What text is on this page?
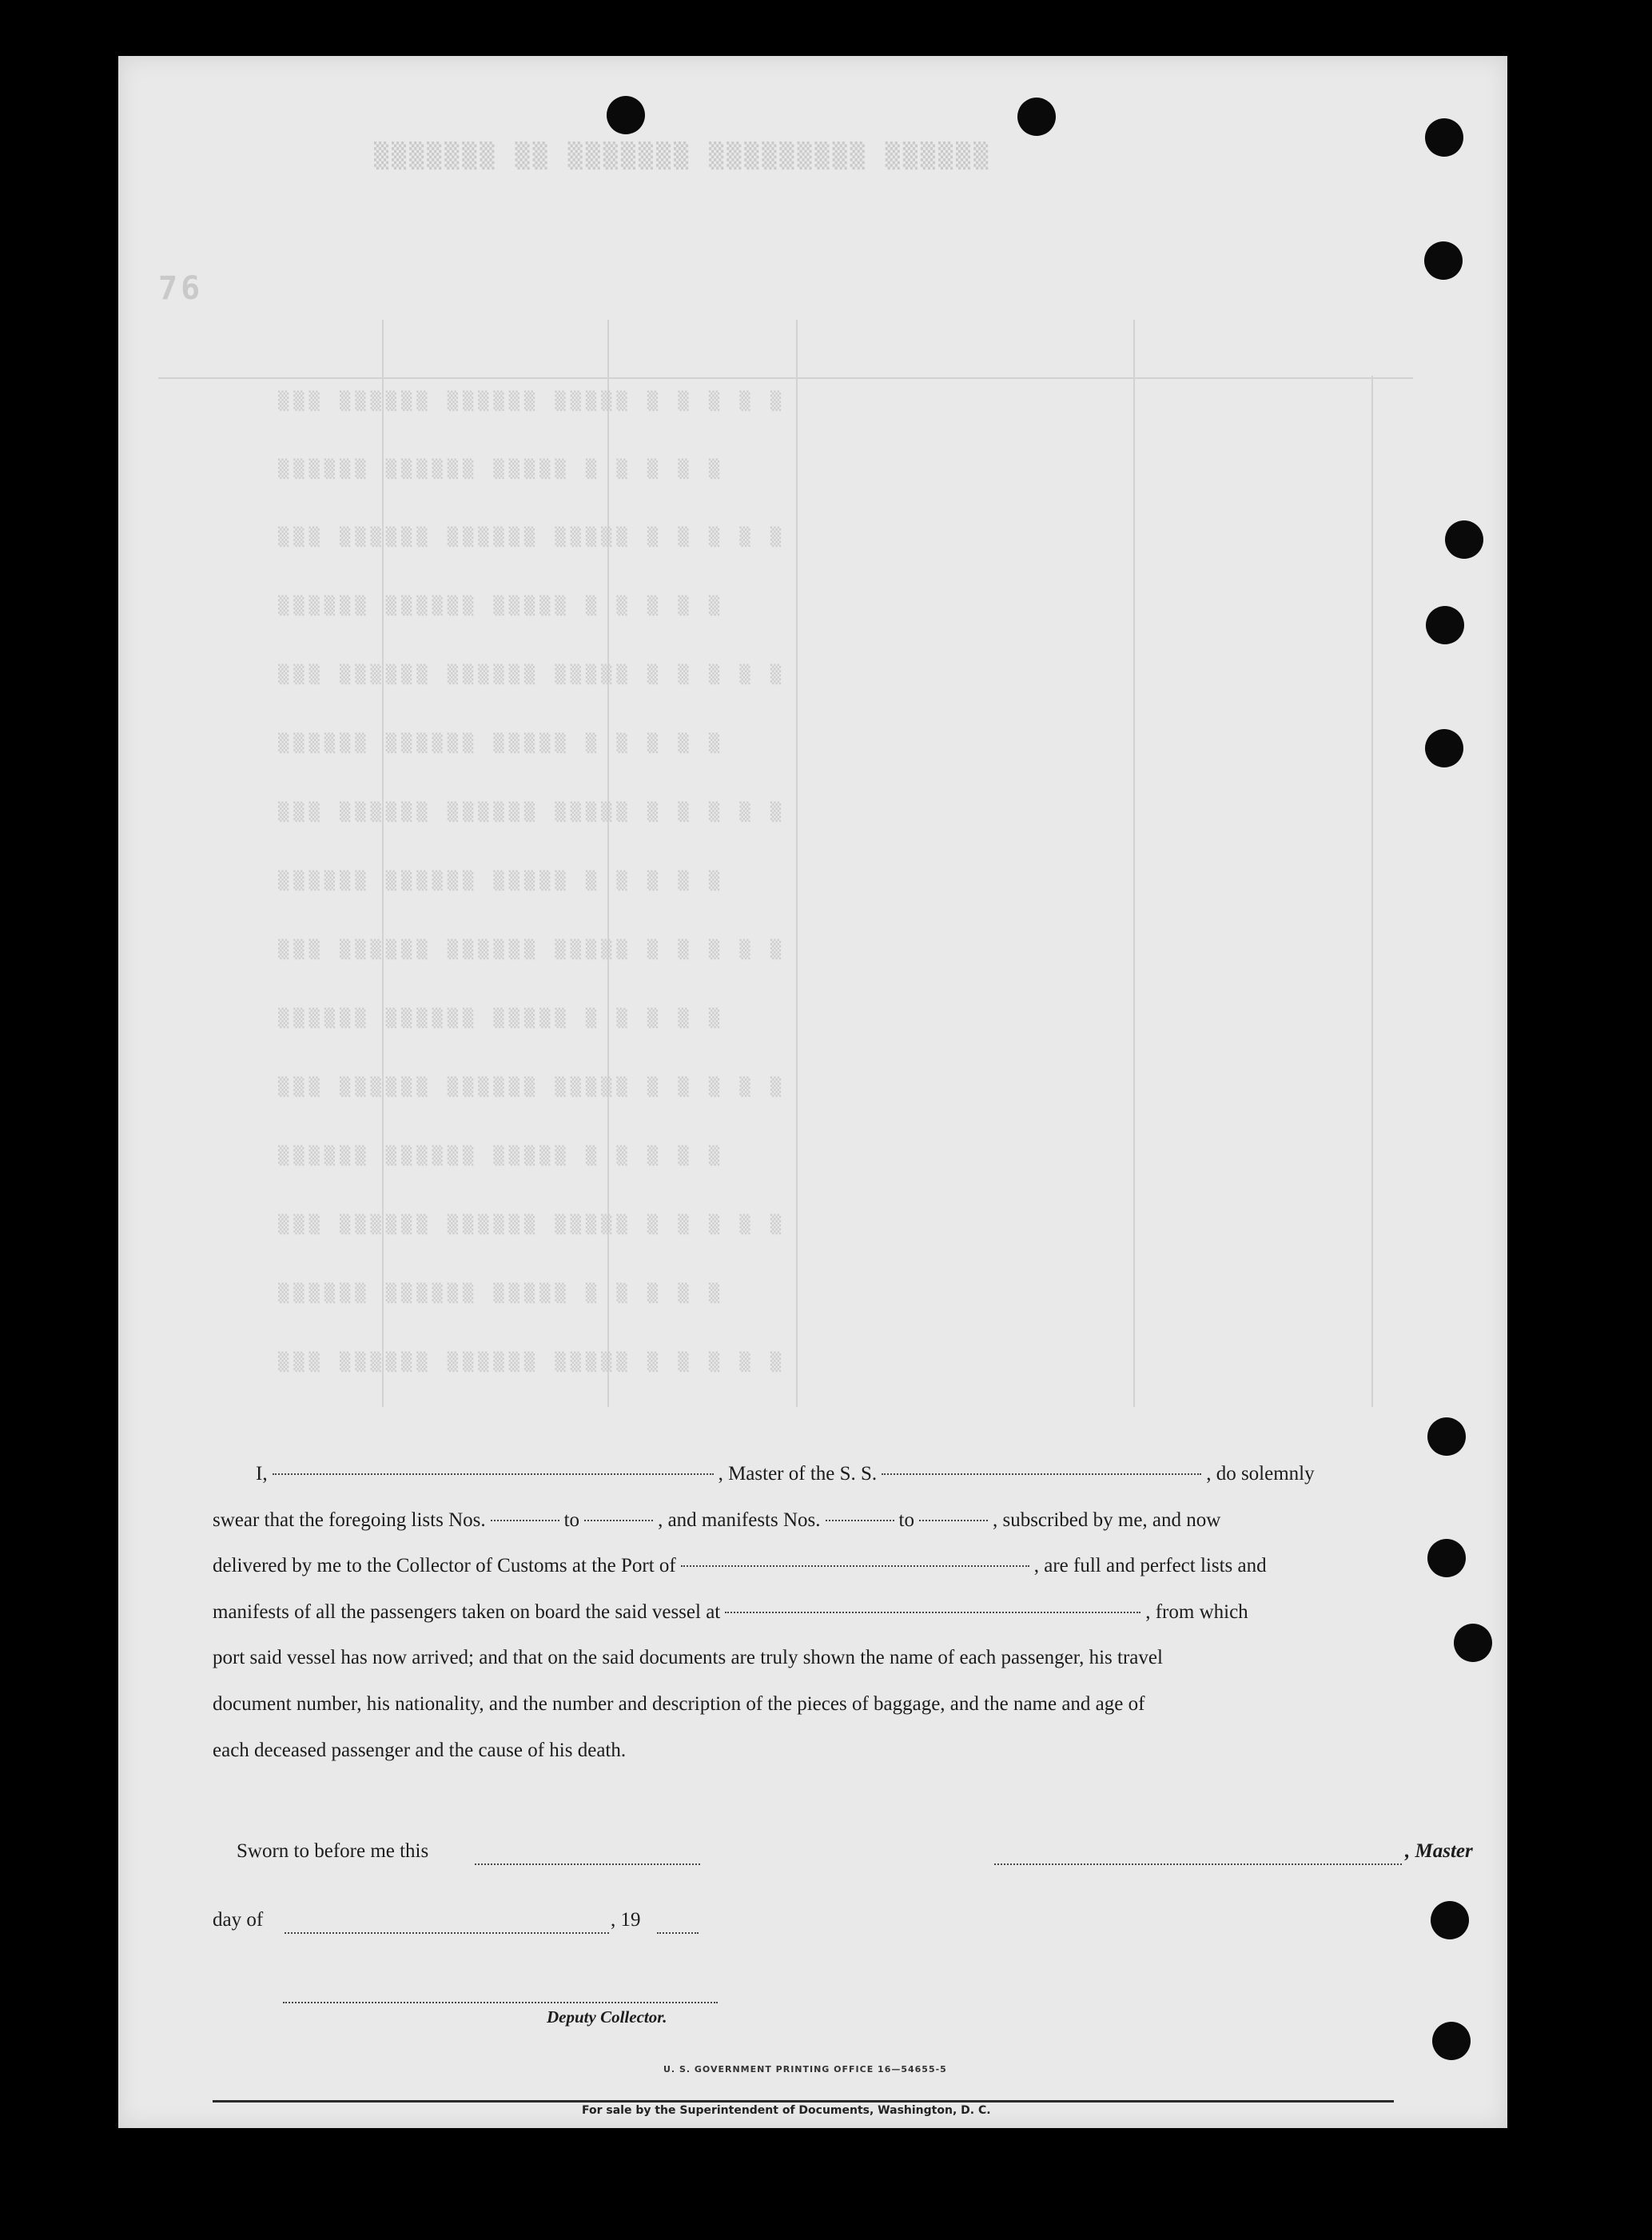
▒▒▒▒▒▒▒ ▒▒ ▒▒▒▒▒▒▒ ▒▒▒▒▒▒▒▒▒ ▒▒▒▒▒▒
76
▒▒▒ ▒▒▒▒▒▒ ▒▒▒▒▒▒ ▒▒▒▒▒ ▒ ▒ ▒ ▒ ▒
▒▒▒▒▒▒ ▒▒▒▒▒▒ ▒▒▒▒▒ ▒ ▒ ▒ ▒ ▒
▒▒▒ ▒▒▒▒▒▒ ▒▒▒▒▒▒ ▒▒▒▒▒ ▒ ▒ ▒ ▒ ▒
▒▒▒▒▒▒ ▒▒▒▒▒▒ ▒▒▒▒▒ ▒ ▒ ▒ ▒ ▒
▒▒▒ ▒▒▒▒▒▒ ▒▒▒▒▒▒ ▒▒▒▒▒ ▒ ▒ ▒ ▒ ▒
▒▒▒▒▒▒ ▒▒▒▒▒▒ ▒▒▒▒▒ ▒ ▒ ▒ ▒ ▒
▒▒▒ ▒▒▒▒▒▒ ▒▒▒▒▒▒ ▒▒▒▒▒ ▒ ▒ ▒ ▒ ▒
▒▒▒▒▒▒ ▒▒▒▒▒▒ ▒▒▒▒▒ ▒ ▒ ▒ ▒ ▒
▒▒▒ ▒▒▒▒▒▒ ▒▒▒▒▒▒ ▒▒▒▒▒ ▒ ▒ ▒ ▒ ▒
▒▒▒▒▒▒ ▒▒▒▒▒▒ ▒▒▒▒▒ ▒ ▒ ▒ ▒ ▒
▒▒▒ ▒▒▒▒▒▒ ▒▒▒▒▒▒ ▒▒▒▒▒ ▒ ▒ ▒ ▒ ▒
▒▒▒▒▒▒ ▒▒▒▒▒▒ ▒▒▒▒▒ ▒ ▒ ▒ ▒ ▒
▒▒▒ ▒▒▒▒▒▒ ▒▒▒▒▒▒ ▒▒▒▒▒ ▒ ▒ ▒ ▒ ▒
▒▒▒▒▒▒ ▒▒▒▒▒▒ ▒▒▒▒▒ ▒ ▒ ▒ ▒ ▒
▒▒▒ ▒▒▒▒▒▒ ▒▒▒▒▒▒ ▒▒▒▒▒ ▒ ▒ ▒ ▒ ▒
I,	, Master of the S. S.	, do solemnly
swear that the foregoing lists Nos.	to	, and manifests Nos.	to	, subscribed by me, and now
delivered by me to the Collector of Customs at the Port of	, are full and perfect lists and
manifests of all the passengers taken on board the said vessel at	, from which
port said vessel has now arrived; and that on the said documents are truly shown the name of each passenger, his travel
document number, his nationality, and the number and description of the pieces of baggage, and the name and age of
each deceased passenger and the cause of his death.
Sworn to before me this	, Master
day of	, 19
Deputy Collector.
U. S. GOVERNMENT PRINTING OFFICE 16—54655-5
For sale by the Superintendent of Documents, Washington, D. C.
